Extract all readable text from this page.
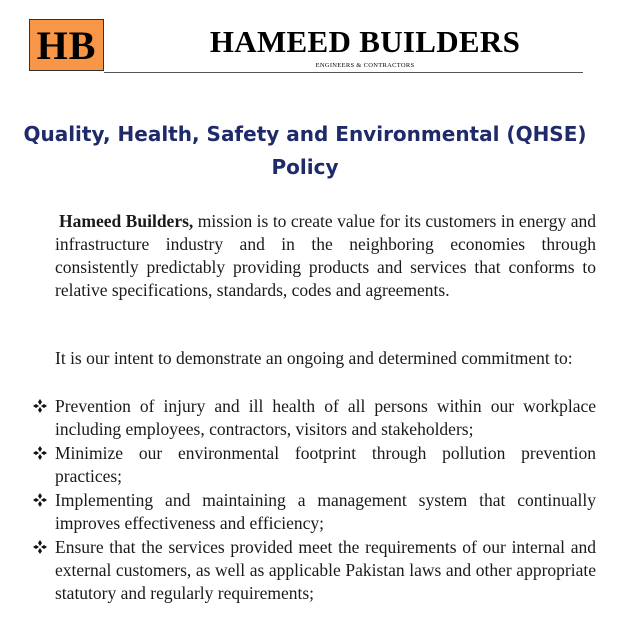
HB	HAMEED BUILDERS
ENGINEERS & CONTRACTORS
Quality, Health, Safety and Environmental (QHSE) Policy

Hameed Builders, mission is to create value for its customers in energy and infrastructure industry and in the neighboring economies through consistently predictably providing products and services that conforms to relative specifications, standards, codes and agreements.

It is our intent to demonstrate an ongoing and determined commitment to:

Prevention of injury and ill health of all persons within our workplace including employees, contractors, visitors and stakeholders;
Minimize our environmental footprint through pollution prevention practices;
Implementing and maintaining a management system that continually improves effectiveness and efficiency;
Ensure that the services provided meet the requirements of our internal and external customers, as well as applicable Pakistan laws and other appropriate statutory and regularly requirements;
